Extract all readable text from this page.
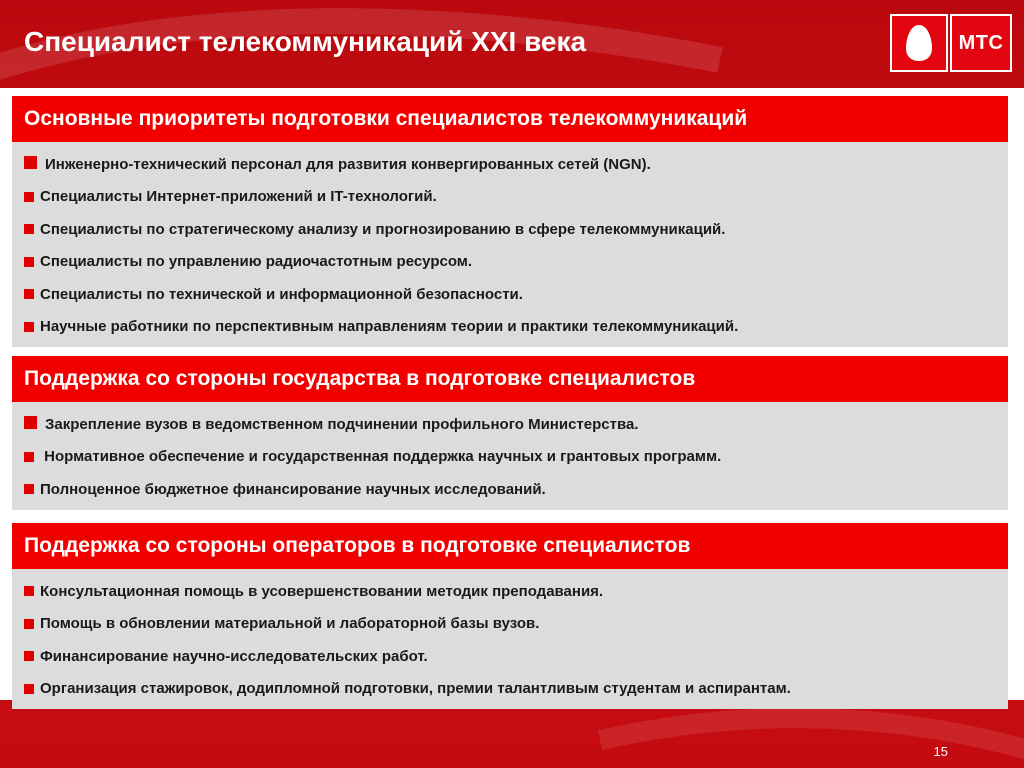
Специалист телекоммуникаций XXI века	МТС
Основные приоритеты подготовки специалистов телекоммуникаций
Инженерно-технический персонал для развития конвергированных сетей (NGN).
Специалисты Интернет-приложений и IT-технологий.
Специалисты по стратегическому анализу и прогнозированию в сфере телекоммуникаций.
Специалисты по управлению радиочастотным ресурсом.
Специалисты по технической и информационной безопасности.
Научные работники по перспективным направлениям теории и практики телекоммуникаций.
Поддержка со стороны государства в подготовке специалистов
Закрепление вузов в ведомственном подчинении профильного Министерства.
Нормативное обеспечение и государственная поддержка научных и грантовых программ.
Полноценное бюджетное финансирование научных исследований.
Поддержка со стороны операторов в подготовке специалистов
Консультационная помощь в усовершенствовании методик преподавания.
Помощь в обновлении материальной и лабораторной базы вузов.
Финансирование научно-исследовательских работ.
Организация стажировок, додипломной подготовки, премии талантливым студентам и аспирантам.
15
